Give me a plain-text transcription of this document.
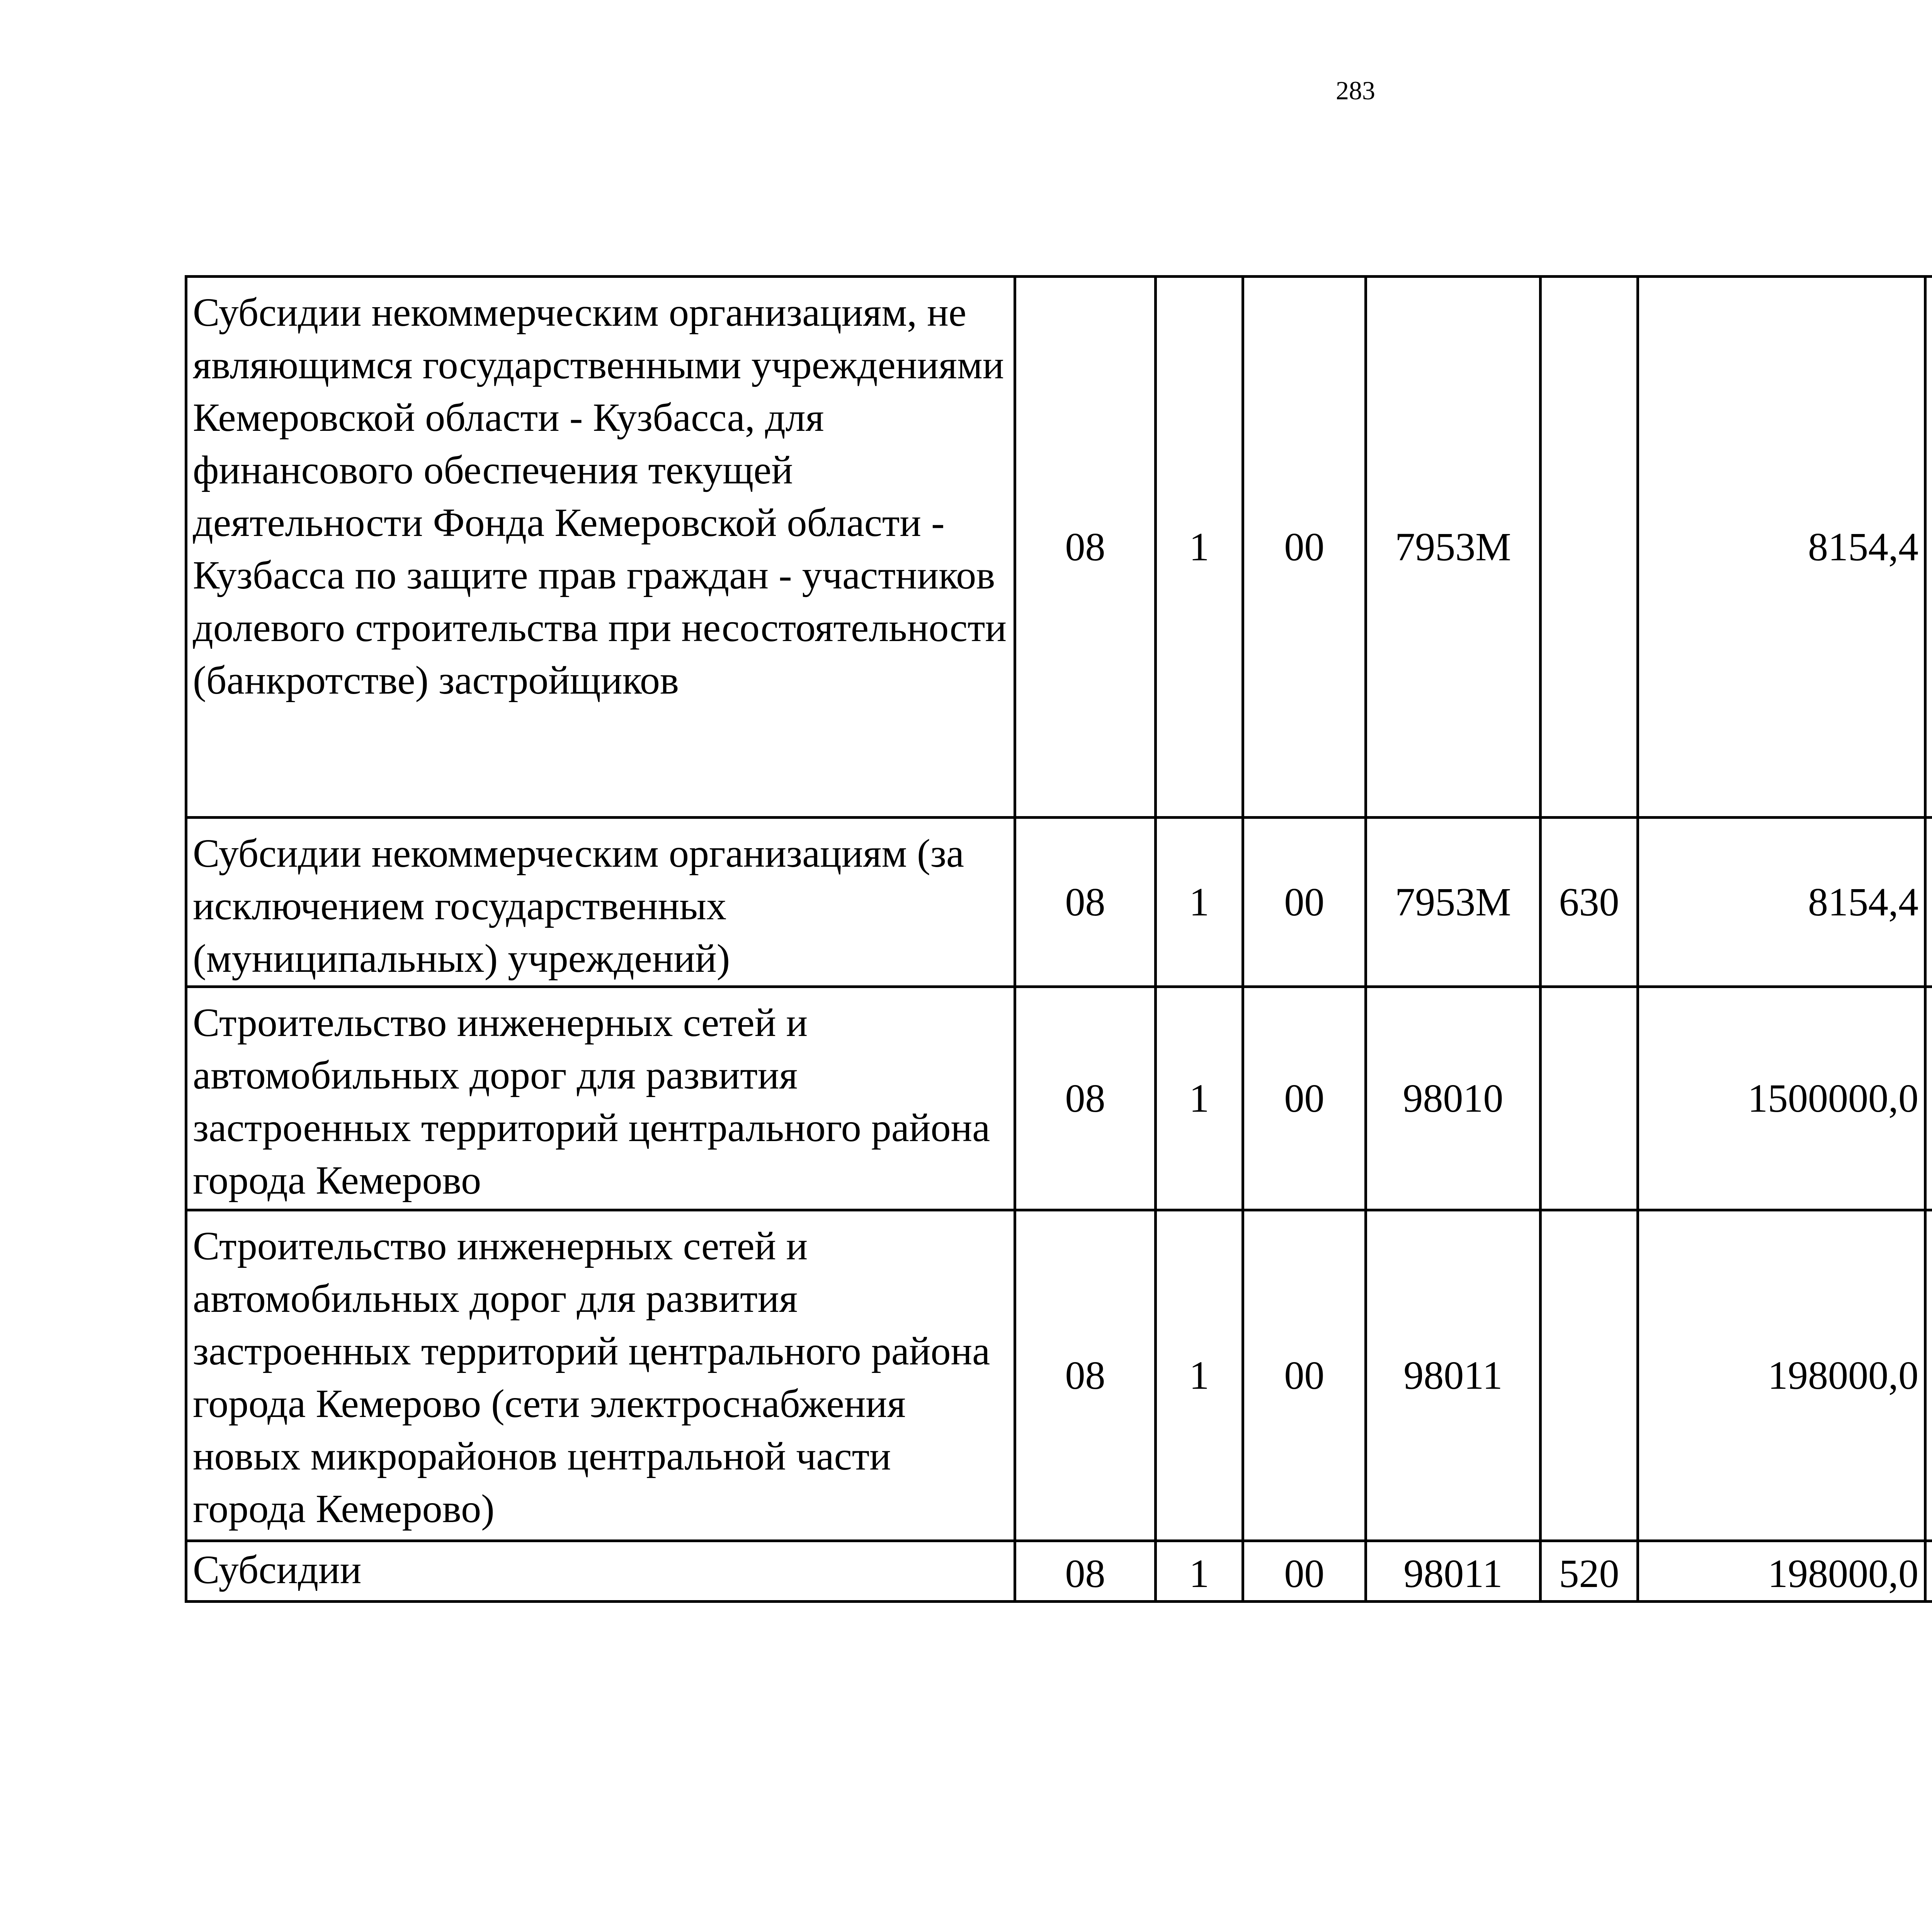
283
Субсидии некоммерческим организациям, не являющимся государственными учреждениями Кемеровской области - Кузбасса, для финансового обеспечения текущей деятельности Фонда Кемеровской области - Кузбасса по защите прав граждан - участников долевого строительства при несостоятельности (банкротстве) застройщиков	08	1	00	7953М		8154,4		
Субсидии некоммерческим организациям (за исключением государственных (муниципальных) учреждений)	08	1	00	7953М	630	8154,4		
Строительство инженерных сетей и автомобильных дорог для развития застроенных территорий центрального района города Кемерово	08	1	00	98010		1500000,0		
Строительство инженерных сетей и автомобильных дорог для развития застроенных территорий центрального района города Кемерово (сети электроснабжения новых микрорайонов центральной части города Кемерово)	08	1	00	98011		198000,0		
Субсидии	08	1	00	98011	520	198000,0		
